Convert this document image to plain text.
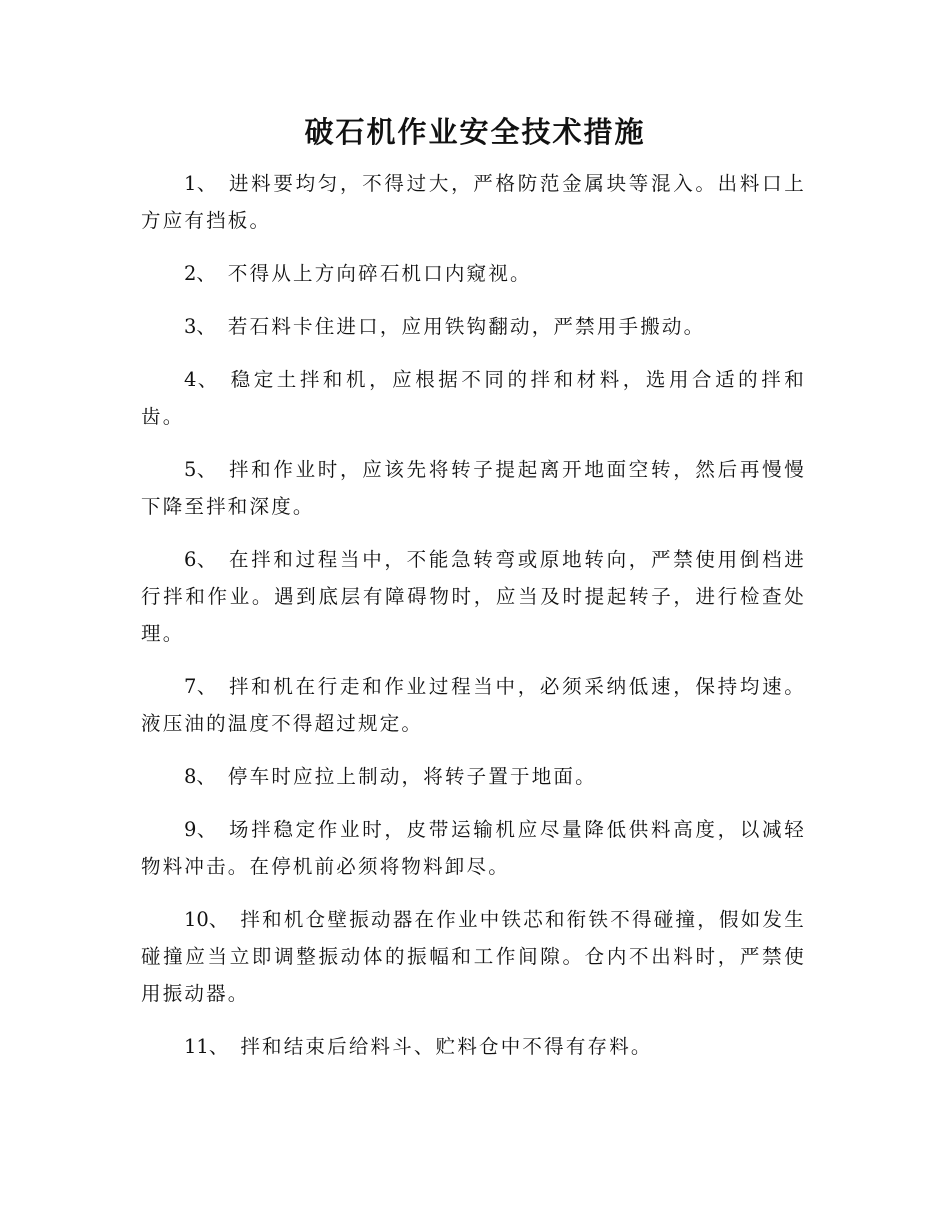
破石机作业安全技术措施

1、 进料要均匀，不得过大，严格防范金属块等混入。出料口上方应有挡板。

2、 不得从上方向碎石机口内窥视。

3、 若石料卡住进口，应用铁钩翻动，严禁用手搬动。

4、 稳定土拌和机，应根据不同的拌和材料，选用合适的拌和齿。

5、 拌和作业时，应该先将转子提起离开地面空转，然后再慢慢下降至拌和深度。

6、 在拌和过程当中，不能急转弯或原地转向，严禁使用倒档进行拌和作业。遇到底层有障碍物时，应当及时提起转子，进行检查处理。

7、 拌和机在行走和作业过程当中，必须采纳低速，保持均速。液压油的温度不得超过规定。

8、 停车时应拉上制动，将转子置于地面。

9、 场拌稳定作业时，皮带运输机应尽量降低供料高度，以减轻物料冲击。在停机前必须将物料卸尽。

10、 拌和机仓壁振动器在作业中铁芯和衔铁不得碰撞，假如发生碰撞应当立即调整振动体的振幅和工作间隙。仓内不出料时，严禁使用振动器。

11、 拌和结束后给料斗、贮料仓中不得有存料。
